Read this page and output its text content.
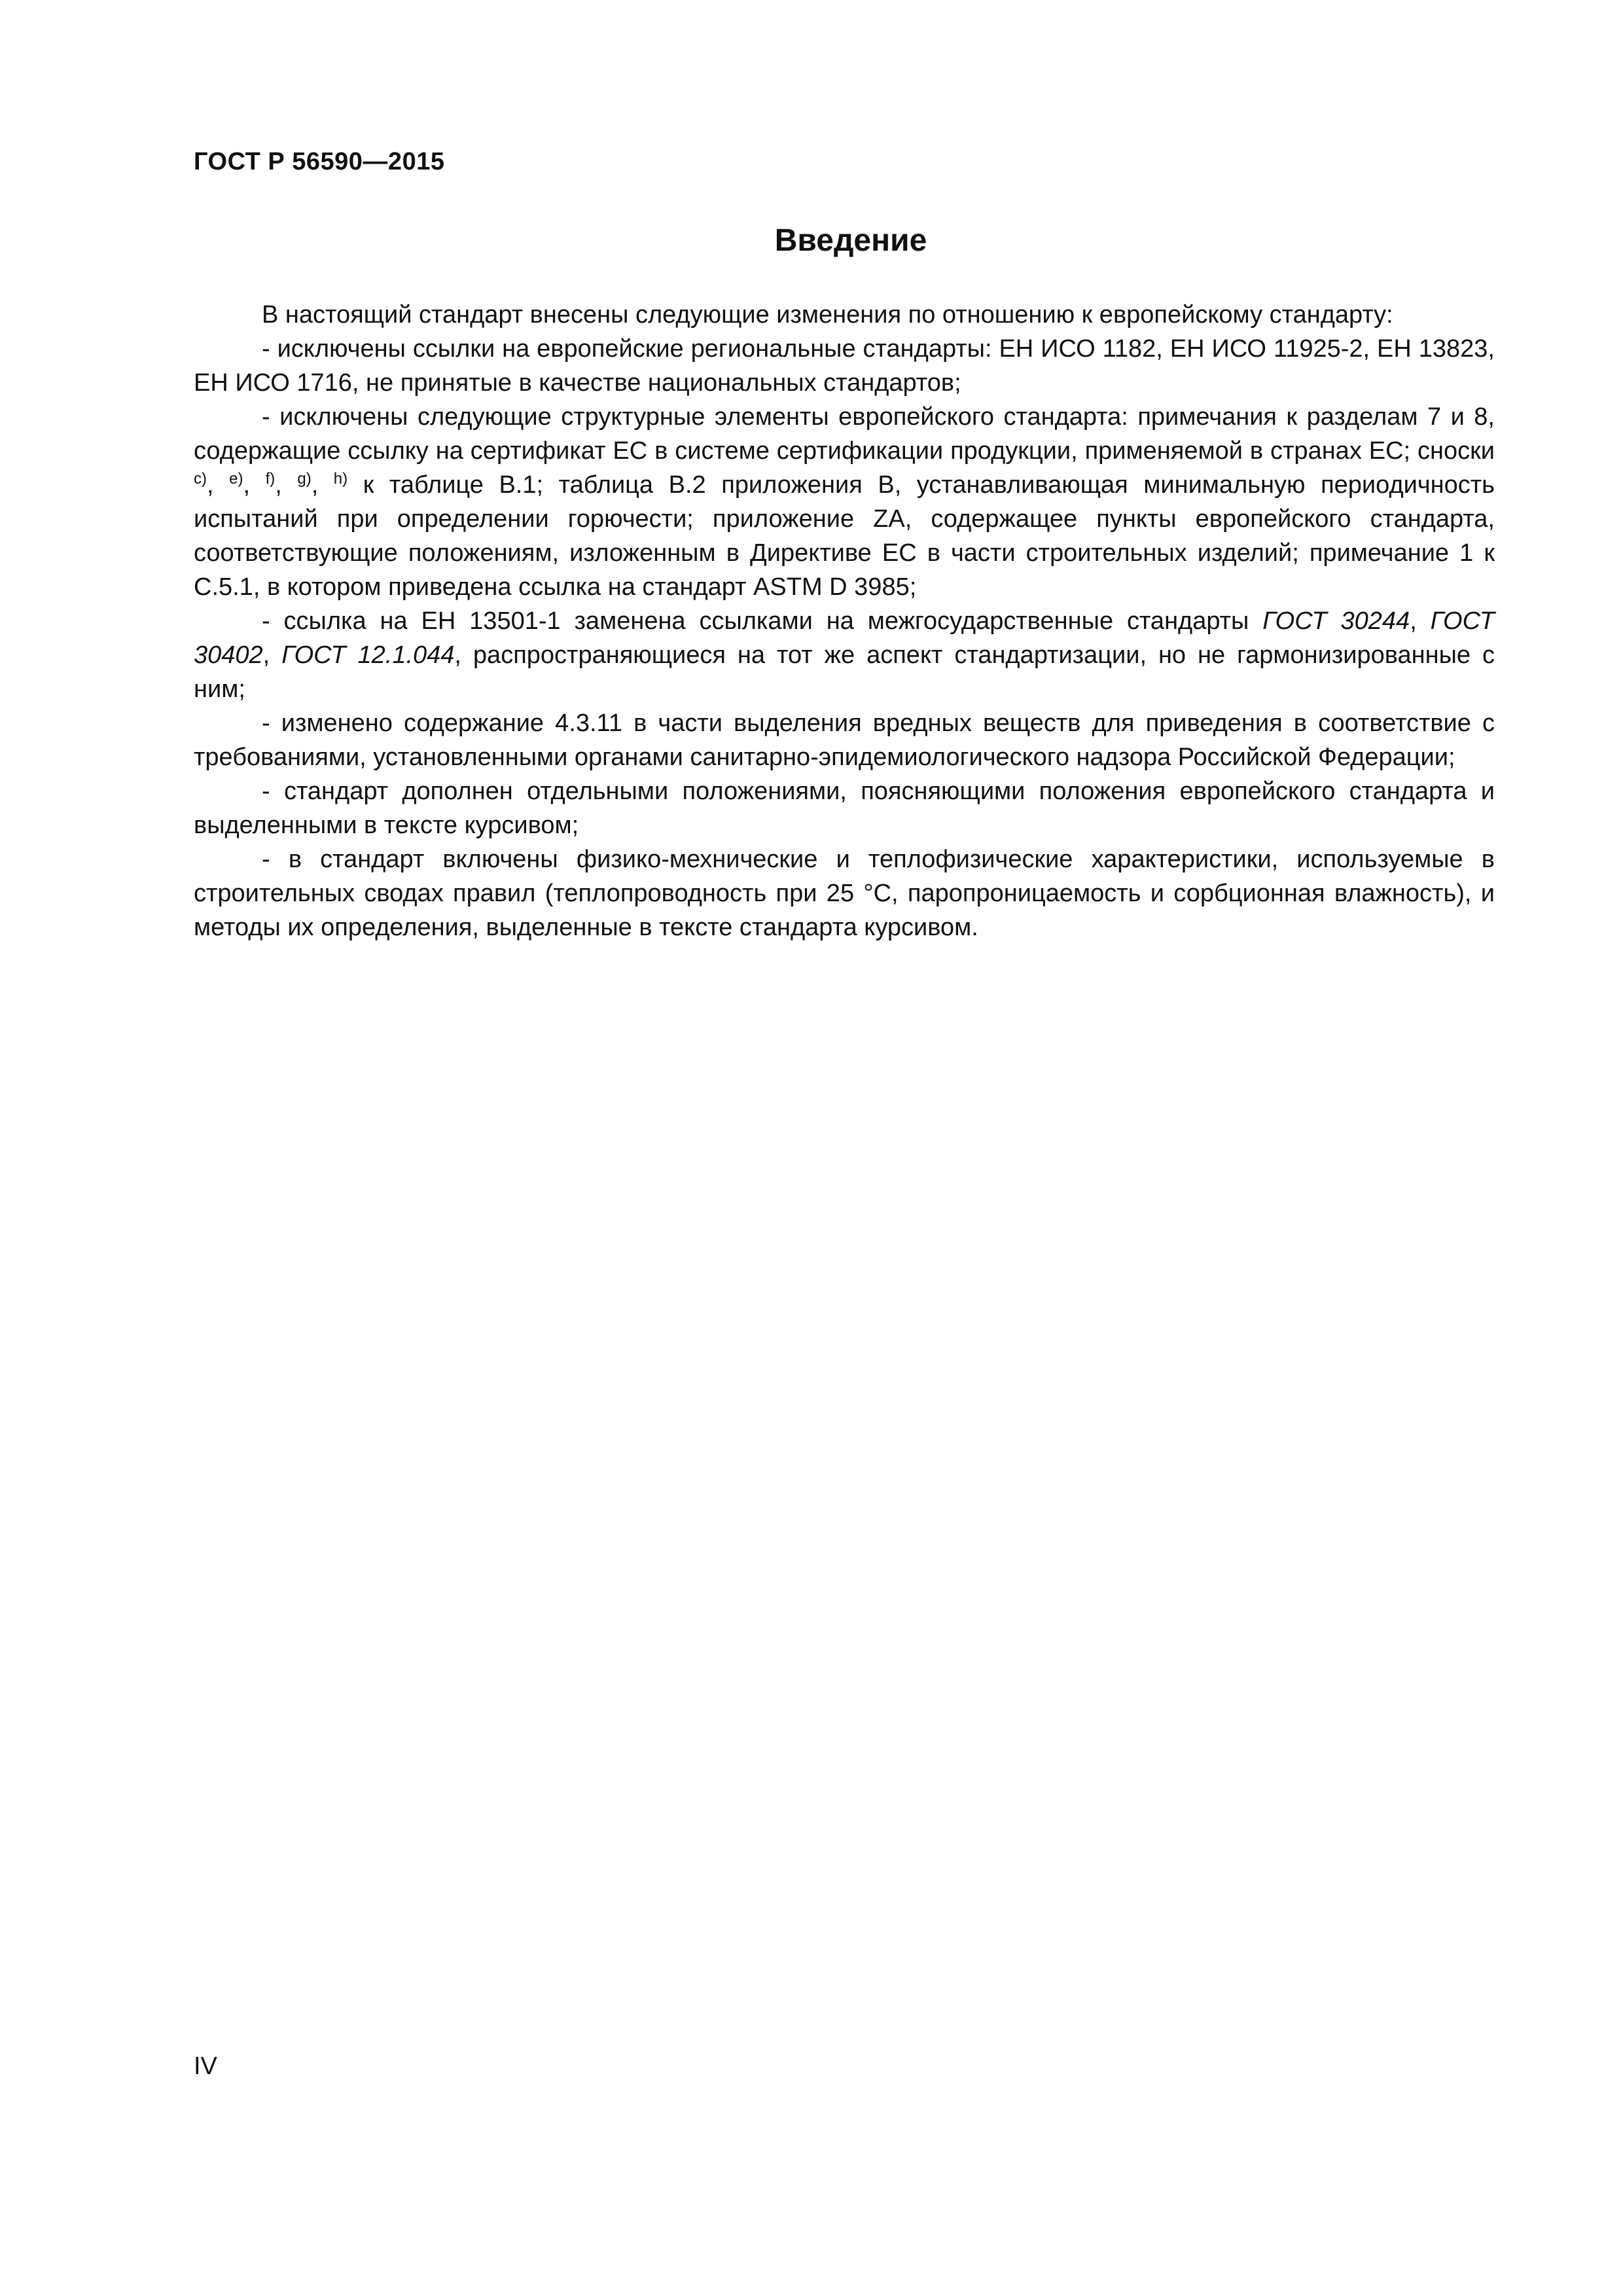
ГОСТ Р 56590—2015
Введение

В настоящий стандарт внесены следующие изменения по отношению к европейскому стандарту:

- исключены ссылки на европейские региональные стандарты: ЕН ИСО 1182, ЕН ИСО 11925-2, ЕН 13823, ЕН ИСО 1716, не принятые в качестве национальных стандартов;

- исключены следующие структурные элементы европейского стандарта: примечания к разделам 7 и 8, содержащие ссылку на сертификат ЕС в системе сертификации продукции, применяемой в странах ЕС; сноски $^{c)}$, $^{e)}$, $^{f)}$, $^{g)}$, $^{h)}$ к таблице В.1; таблица В.2 приложения В, устанавливающая минимальную периодичность испытаний при определении горючести; приложение ZA, содержащее пункты европейского стандарта, соответствующие положениям, изложенным в Директиве ЕС в части строительных изделий; примечание 1 к С.5.1, в котором приведена ссылка на стандарт ASTM D 3985;

- ссылка на ЕН 13501-1 заменена ссылками на межгосударственные стандарты ГОСТ 30244, ГОСТ 30402, ГОСТ 12.1.044, распространяющиеся на тот же аспект стандартизации, но не гармонизированные с ним;

- изменено содержание 4.3.11 в части выделения вредных веществ для приведения в соответствие с требованиями, установленными органами санитарно-эпидемиологического надзора Российской Федерации;

- стандарт дополнен отдельными положениями, поясняющими положения европейского стандарта и выделенными в тексте курсивом;

- в стандарт включены физико-мехнические и теплофизические характеристики, используемые в строительных сводах правил (теплопроводность при 25 °С, паропроницаемость и сорбционная влажность), и методы их определения, выделенные в тексте стандарта курсивом.

IV
